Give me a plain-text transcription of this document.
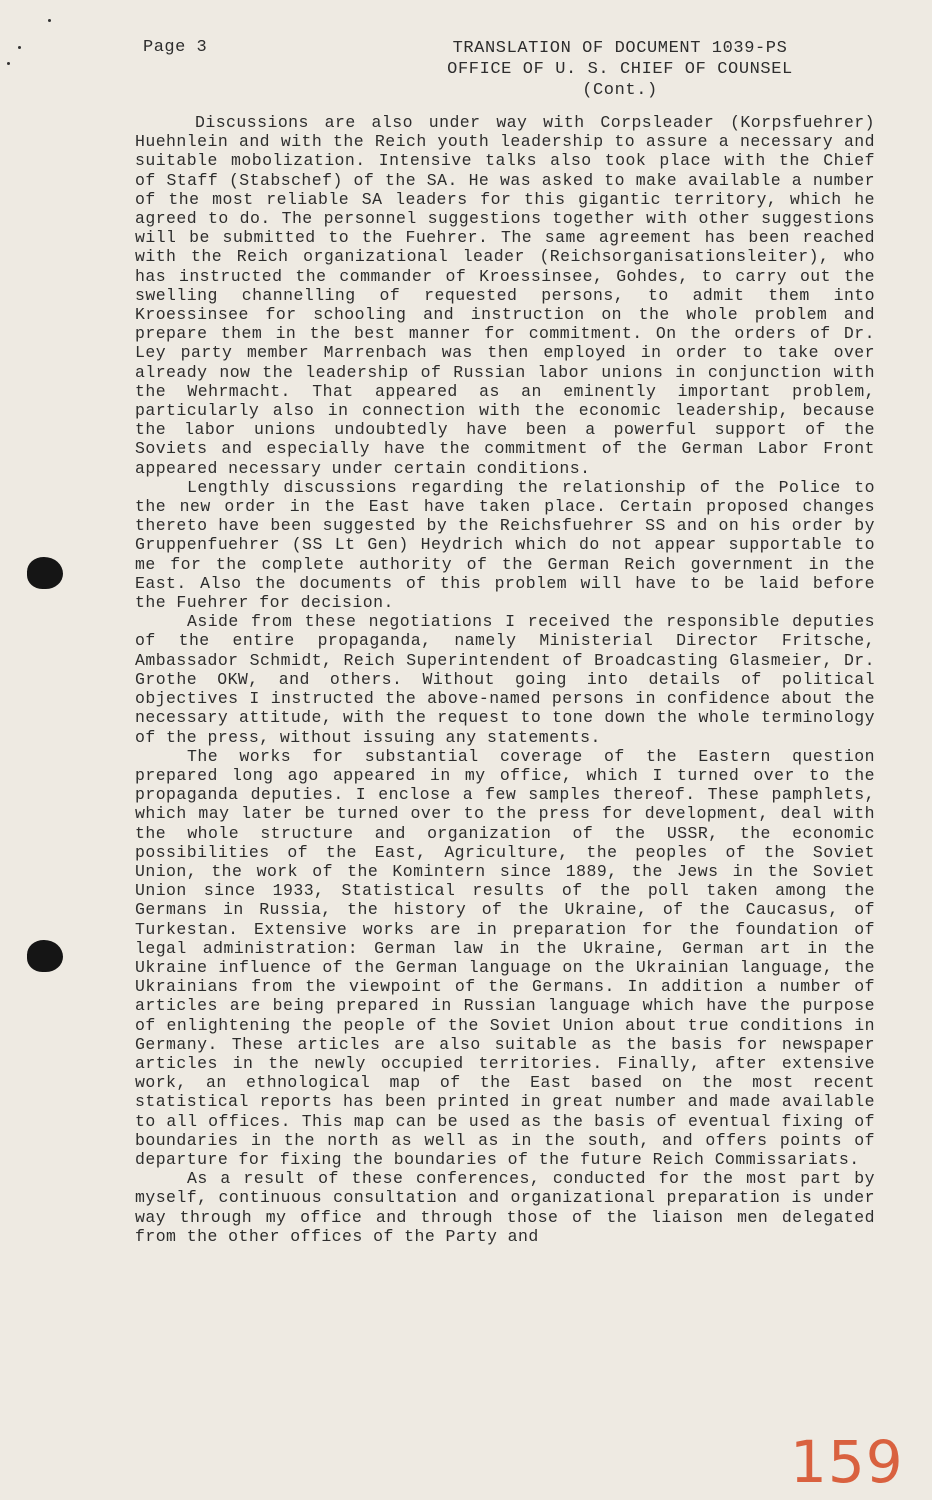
Page 3	TRANSLATION OF DOCUMENT 1039-PS
OFFICE OF U. S. CHIEF OF COUNSEL
(Cont.)

Discussions are also under way with Corpsleader (Korpsfuehrer) Huehnlein and with the Reich youth leadership to assure a necessary and suitable mobolization. Intensive talks also took place with the Chief of Staff (Stabschef) of the SA. He was asked to make available a number of the most reliable SA leaders for this gigantic territory, which he agreed to do. The personnel suggestions together with other suggestions will be submitted to the Fuehrer. The same agreement has been reached with the Reich organizational leader (Reichsorganisationsleiter), who has instructed the commander of Kroessinsee, Gohdes, to carry out the swelling channelling of requested persons, to admit them into Kroessinsee for schooling and instruction on the whole problem and prepare them in the best manner for commitment. On the orders of Dr. Ley party member Marrenbach was then employed in order to take over already now the leadership of Russian labor unions in conjunction with the Wehrmacht. That appeared as an eminently important problem, particularly also in connection with the economic leadership, because the labor unions undoubtedly have been a powerful support of the Soviets and especially have the commitment of the German Labor Front appeared necessary under certain conditions.

Lengthly discussions regarding the relationship of the Police to the new order in the East have taken place. Certain proposed changes thereto have been suggested by the Reichsfuehrer SS and on his order by Gruppenfuehrer (SS Lt Gen) Heydrich which do not appear supportable to me for the complete authority of the German Reich government in the East. Also the documents of this problem will have to be laid before the Fuehrer for decision.

Aside from these negotiations I received the responsible deputies of the entire propaganda, namely Ministerial Director Fritsche, Ambassador Schmidt, Reich Superintendent of Broadcasting Glasmeier, Dr. Grothe OKW, and others. Without going into details of political objectives I instructed the above-named persons in confidence about the necessary attitude, with the request to tone down the whole terminology of the press, without issuing any statements.

The works for substantial coverage of the Eastern question prepared long ago appeared in my office, which I turned over to the propaganda deputies. I enclose a few samples thereof. These pamphlets, which may later be turned over to the press for development, deal with the whole structure and organization of the USSR, the economic possibilities of the East, Agriculture, the peoples of the Soviet Union, the work of the Komintern since 1889, the Jews in the Soviet Union since 1933, Statistical results of the poll taken among the Germans in Russia, the history of the Ukraine, of the Caucasus, of Turkestan. Extensive works are in preparation for the foundation of legal administration: German law in the Ukraine, German art in the Ukraine influence of the German language on the Ukrainian language, the Ukrainians from the viewpoint of the Germans. In addition a number of articles are being prepared in Russian language which have the purpose of enlightening the people of the Soviet Union about true conditions in Germany. These articles are also suitable as the basis for newspaper articles in the newly occupied territories. Finally, after extensive work, an ethnological map of the East based on the most recent statistical reports has been printed in great number and made available to all offices. This map can be used as the basis of eventual fixing of boundaries in the north as well as in the south, and offers points of departure for fixing the boundaries of the future Reich Commissariats.

As a result of these conferences, conducted for the most part by myself, continuous consultation and organizational preparation is under way through my office and through those of the liaison men delegated from the other offices of the Party and

159
